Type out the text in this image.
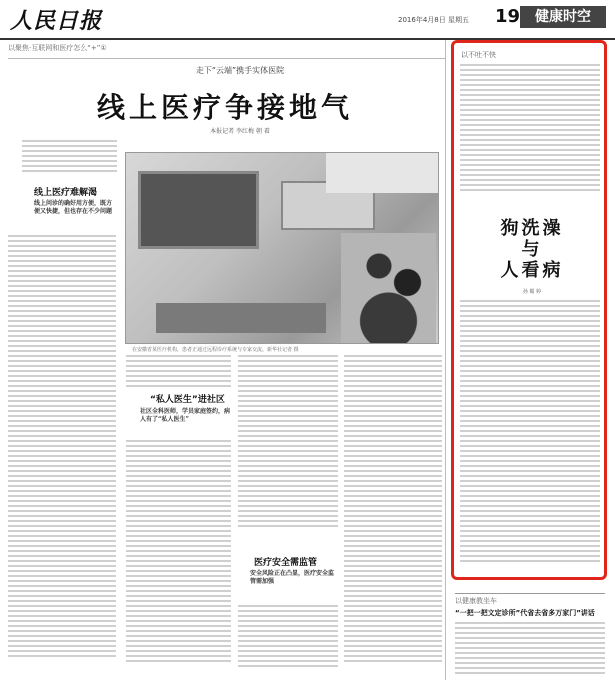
人民日报	2016年4月8日 星期五 19	健康时空
以聚焦·互联网和医疗怎么“+”①
走下“云端”携手实体医院
线上医疗争接地气
本报记者 李红梅 朝 着
线上医疗难解渴
线上问诊的确好用方便，既方便又快捷，但也存在不少问题
在安徽省某医疗机构，患者正通过远程诊疗系统与专家交流。新华社记者 摄
“私人医生”进社区
社区全科医师，学员家庭签约，病人有了“私人医生”
医疗安全需监管
安全风险正在凸显，医疗安全监管需加强
以不吐不快
狗洗澡
与
人看病
孙 媚 婷
以健康教坐车
“一把一把文定诊所”代省去省多万家门”讲话
